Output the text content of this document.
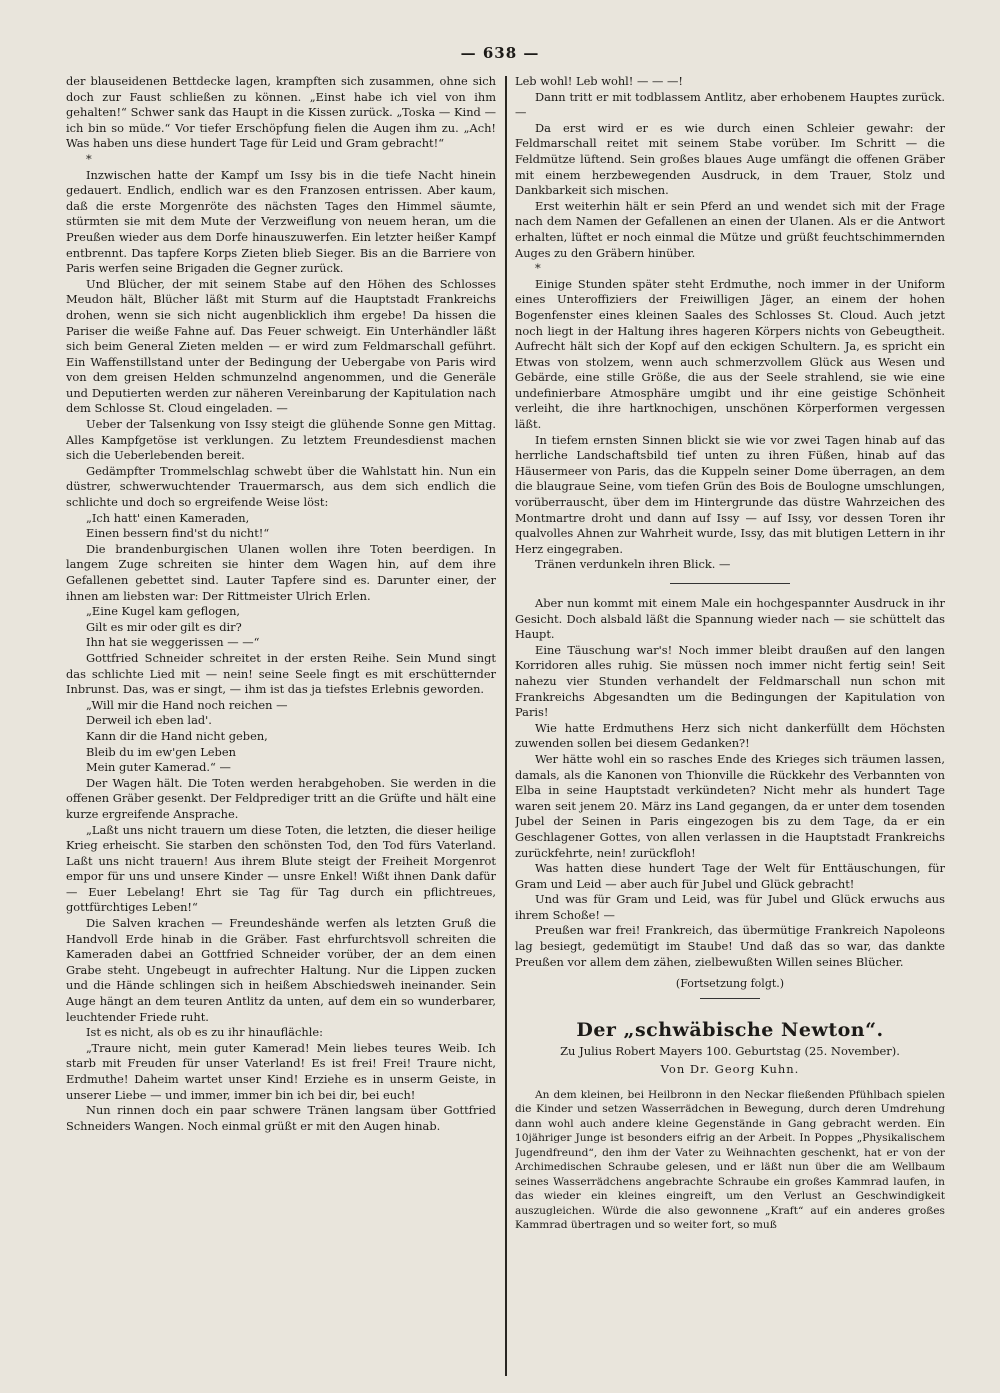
— 638 —

der blauseidenen Bettdecke lagen, krampften sich zusammen, ohne sich doch zur Faust schließen zu können. „Einst habe ich viel von ihm gehalten!“ Schwer sank das Haupt in die Kissen zurück. „Toska — Kind — ich bin so müde.“ Vor tiefer Erschöpfung fielen die Augen ihm zu. „Ach! Was haben uns diese hundert Tage für Leid und Gram gebracht!“

*

Inzwischen hatte der Kampf um Issy bis in die tiefe Nacht hinein gedauert. Endlich, endlich war es den Franzosen entrissen. Aber kaum, daß die erste Morgenröte des nächsten Tages den Himmel säumte, stürmten sie mit dem Mute der Verzweiflung von neuem heran, um die Preußen wieder aus dem Dorfe hinauszuwerfen. Ein letzter heißer Kampf entbrennt. Das tapfere Korps Zieten blieb Sieger. Bis an die Barriere von Paris werfen seine Brigaden die Gegner zurück.

Und Blücher, der mit seinem Stabe auf den Höhen des Schlosses Meudon hält, Blücher läßt mit Sturm auf die Hauptstadt Frankreichs drohen, wenn sie sich nicht augenblicklich ihm ergebe! Da hissen die Pariser die weiße Fahne auf. Das Feuer schweigt. Ein Unterhändler läßt sich beim General Zieten melden — er wird zum Feldmarschall geführt. Ein Waffenstillstand unter der Bedingung der Uebergabe von Paris wird von dem greisen Helden schmunzelnd angenommen, und die Generäle und Deputierten werden zur näheren Vereinbarung der Kapitulation nach dem Schlosse St. Cloud eingeladen. —

Ueber der Talsenkung von Issy steigt die glühende Sonne gen Mittag. Alles Kampfgetöse ist verklungen. Zu letztem Freundesdienst machen sich die Ueberlebenden bereit.

Gedämpfter Trommelschlag schwebt über die Wahlstatt hin. Nun ein düstrer, schwerwuchtender Trauermarsch, aus dem sich endlich die schlichte und doch so ergreifende Weise löst:

„Ich hatt' einen Kameraden,

Einen bessern find'st du nicht!“

Die brandenburgischen Ulanen wollen ihre Toten beerdigen. In langem Zuge schreiten sie hinter dem Wagen hin, auf dem ihre Gefallenen gebettet sind. Lauter Tapfere sind es. Darunter einer, der ihnen am liebsten war: Der Rittmeister Ulrich Erlen.

„Eine Kugel kam geflogen,

Gilt es mir oder gilt es dir?

Ihn hat sie weggerissen — —“

Gottfried Schneider schreitet in der ersten Reihe. Sein Mund singt das schlichte Lied mit — nein! seine Seele fingt es mit erschütternder Inbrunst. Das, was er singt, — ihm ist das ja tiefstes Erlebnis geworden.

„Will mir die Hand noch reichen —

Derweil ich eben lad'.

Kann dir die Hand nicht geben,

Bleib du im ew'gen Leben

Mein guter Kamerad.“ —

Der Wagen hält. Die Toten werden herabgehoben. Sie werden in die offenen Gräber gesenkt. Der Feldprediger tritt an die Grüfte und hält eine kurze ergreifende Ansprache.

„Laßt uns nicht trauern um diese Toten, die letzten, die dieser heilige Krieg erheischt. Sie starben den schönsten Tod, den Tod fürs Vaterland. Laßt uns nicht trauern! Aus ihrem Blute steigt der Freiheit Morgenrot empor für uns und unsere Kinder — unsre Enkel! Wißt ihnen Dank dafür — Euer Lebelang! Ehrt sie Tag für Tag durch ein pflichtreues, gottfürchtiges Leben!“

Die Salven krachen — Freundeshände werfen als letzten Gruß die Handvoll Erde hinab in die Gräber. Fast ehrfurchtsvoll schreiten die Kameraden dabei an Gottfried Schneider vorüber, der an dem einen Grabe steht. Ungebeugt in aufrechter Haltung. Nur die Lippen zucken und die Hände schlingen sich in heißem Abschiedsweh ineinander. Sein Auge hängt an dem teuren Antlitz da unten, auf dem ein so wunderbarer, leuchtender Friede ruht.

Ist es nicht, als ob es zu ihr hinauflächle:

„Traure nicht, mein guter Kamerad! Mein liebes teures Weib. Ich starb mit Freuden für unser Vaterland! Es ist frei! Frei! Traure nicht, Erdmuthe! Daheim wartet unser Kind! Erziehe es in unserm Geiste, in unserer Liebe — und immer, immer bin ich bei dir, bei euch!

Nun rinnen doch ein paar schwere Tränen langsam über Gottfried Schneiders Wangen. Noch einmal grüßt er mit den Augen hinab.

Leb wohl! Leb wohl! — — —!

Dann tritt er mit todblassem Antlitz, aber erhobenem Hauptes zurück. —

Da erst wird er es wie durch einen Schleier gewahr: der Feldmarschall reitet mit seinem Stabe vorüber. Im Schritt — die Feldmütze lüftend. Sein großes blaues Auge umfängt die offenen Gräber mit einem herzbewegenden Ausdruck, in dem Trauer, Stolz und Dankbarkeit sich mischen.

Erst weiterhin hält er sein Pferd an und wendet sich mit der Frage nach dem Namen der Gefallenen an einen der Ulanen. Als er die Antwort erhalten, lüftet er noch einmal die Mütze und grüßt feuchtschimmernden Auges zu den Gräbern hinüber.

*

Einige Stunden später steht Erdmuthe, noch immer in der Uniform eines Unteroffiziers der Freiwilligen Jäger, an einem der hohen Bogenfenster eines kleinen Saales des Schlosses St. Cloud. Auch jetzt noch liegt in der Haltung ihres hageren Körpers nichts von Gebeugtheit. Aufrecht hält sich der Kopf auf den eckigen Schultern. Ja, es spricht ein Etwas von stolzem, wenn auch schmerzvollem Glück aus Wesen und Gebärde, eine stille Größe, die aus der Seele strahlend, sie wie eine undefinierbare Atmosphäre umgibt und ihr eine geistige Schönheit verleiht, die ihre hartknochigen, unschönen Körperformen vergessen läßt.

In tiefem ernsten Sinnen blickt sie wie vor zwei Tagen hinab auf das herrliche Landschaftsbild tief unten zu ihren Füßen, hinab auf das Häusermeer von Paris, das die Kuppeln seiner Dome überragen, an dem die blaugraue Seine, vom tiefen Grün des Bois de Boulogne umschlungen, vorüberrauscht, über dem im Hintergrunde das düstre Wahrzeichen des Montmartre droht und dann auf Issy — auf Issy, vor dessen Toren ihr qualvolles Ahnen zur Wahrheit wurde, Issy, das mit blutigen Lettern in ihr Herz eingegraben.

Tränen verdunkeln ihren Blick. —

Aber nun kommt mit einem Male ein hochgespannter Ausdruck in ihr Gesicht. Doch alsbald läßt die Spannung wieder nach — sie schüttelt das Haupt.

Eine Täuschung war's! Noch immer bleibt draußen auf den langen Korridoren alles ruhig. Sie müssen noch immer nicht fertig sein! Seit nahezu vier Stunden verhandelt der Feldmarschall nun schon mit Frankreichs Abgesandten um die Bedingungen der Kapitulation von Paris!

Wie hatte Erdmuthens Herz sich nicht dankerfüllt dem Höchsten zuwenden sollen bei diesem Gedanken?!

Wer hätte wohl ein so rasches Ende des Krieges sich träumen lassen, damals, als die Kanonen von Thionville die Rückkehr des Verbannten von Elba in seine Hauptstadt verkündeten? Nicht mehr als hundert Tage waren seit jenem 20. März ins Land gegangen, da er unter dem tosenden Jubel der Seinen in Paris eingezogen bis zu dem Tage, da er ein Geschlagener Gottes, von allen verlassen in die Hauptstadt Frankreichs zurückfehrte, nein! zurückfloh!

Was hatten diese hundert Tage der Welt für Enttäuschungen, für Gram und Leid — aber auch für Jubel und Glück gebracht!

Und was für Gram und Leid, was für Jubel und Glück erwuchs aus ihrem Schoße! —

Preußen war frei! Frankreich, das übermütige Frankreich Napoleons lag besiegt, gedemütigt im Staube! Und daß das so war, das dankte Preußen vor allem dem zähen, zielbewußten Willen seines Blücher.

(Fortsetzung folgt.)
Der „schwäbische Newton“.
Zu Julius Robert Mayers 100. Geburtstag (25. November).
Von Dr. Georg Kuhn.

An dem kleinen, bei Heilbronn in den Neckar fließenden Pfühlbach spielen die Kinder und setzen Wasserrädchen in Bewegung, durch deren Umdrehung dann wohl auch andere kleine Gegenstände in Gang gebracht werden. Ein 10jähriger Junge ist besonders eifrig an der Arbeit. In Poppes „Physikalischem Jugendfreund“, den ihm der Vater zu Weihnachten geschenkt, hat er von der Archimedischen Schraube gelesen, und er läßt nun über die am Wellbaum seines Wasserrädchens angebrachte Schraube ein großes Kammrad laufen, in das wieder ein kleines eingreift, um den Verlust an Geschwindigkeit auszugleichen. Würde die also gewonnene „Kraft“ auf ein anderes großes Kammrad übertragen und so weiter fort, so muß
